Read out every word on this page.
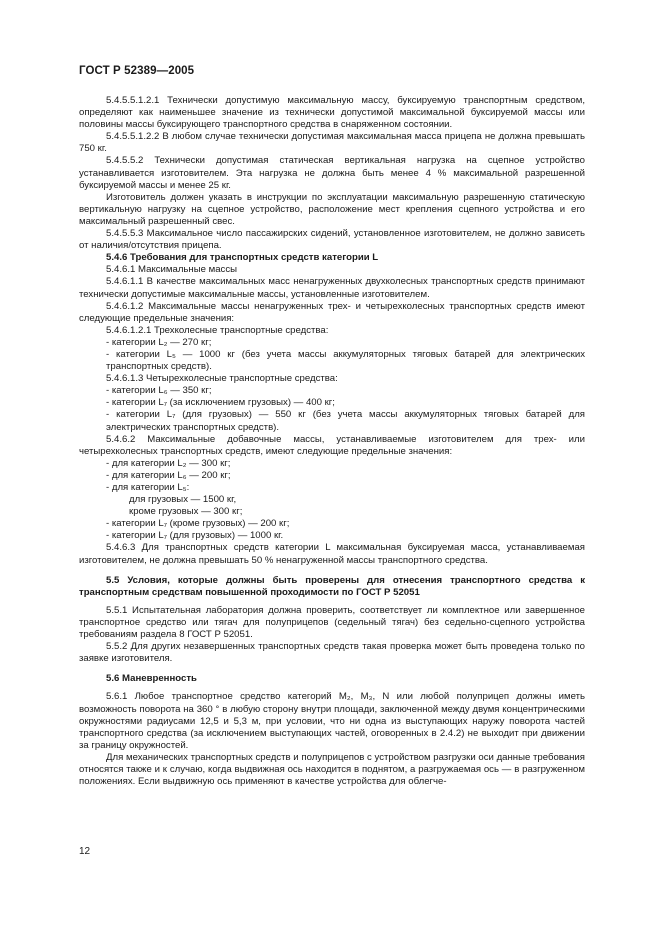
ГОСТ Р 52389—2005

5.4.5.5.1.2.1 Технически допустимую максимальную массу, буксируемую транспортным средством, определяют как наименьшее значение из технически допустимой максимальной буксируемой массы или половины массы буксирующего транспортного средства в снаряженном состоянии.

5.4.5.5.1.2.2 В любом случае технически допустимая максимальная масса прицепа не должна превышать 750 кг.

5.4.5.5.2 Технически допустимая статическая вертикальная нагрузка на сцепное устройство устанавливается изготовителем. Эта нагрузка не должна быть менее 4 % максимальной разрешенной буксируемой массы и менее 25 кг.

Изготовитель должен указать в инструкции по эксплуатации максимальную разрешенную статическую вертикальную нагрузку на сцепное устройство, расположение мест крепления сцепного устройства и его максимальный разрешенный свес.

5.4.5.5.3 Максимальное число пассажирских сидений, установленное изготовителем, не должно зависеть от наличия/отсутствия прицепа.

5.4.6 Требования для транспортных средств категории L

5.4.6.1 Максимальные массы

5.4.6.1.1 В качестве максимальных масс ненагруженных двухколесных транспортных средств принимают технически допустимые максимальные массы, установленные изготовителем.

5.4.6.1.2 Максимальные массы ненагруженных трех- и четырехколесных транспортных средств имеют следующие предельные значения:

5.4.6.1.2.1 Трехколесные транспортные средства:

- категории L₂ — 270 кг;

- категории L₅ — 1000 кг (без учета массы аккумуляторных тяговых батарей для электрических транспортных средств).

5.4.6.1.3 Четырехколесные транспортные средства:

- категории L₆ — 350 кг;

- категории L₇ (за исключением грузовых) — 400 кг;

- категории L₇ (для грузовых) — 550 кг (без учета массы аккумуляторных тяговых батарей для электрических транспортных средств).

5.4.6.2 Максимальные добавочные массы, устанавливаемые изготовителем для трех- или четырехколесных транспортных средств, имеют следующие предельные значения:

- для категории L₂ — 300 кг;

- для категории L₆ — 200 кг;

- для категории L₅:

для грузовых — 1500 кг,

кроме грузовых — 300 кг;

- категории L₇ (кроме грузовых) — 200 кг;

- категории L₇ (для грузовых) — 1000 кг.

5.4.6.3 Для транспортных средств категории L максимальная буксируемая масса, устанавливаемая изготовителем, не должна превышать 50 % ненагруженной массы транспортного средства.

5.5 Условия, которые должны быть проверены для отнесения транспортного средства к транспортным средствам повышенной проходимости по ГОСТ Р 52051

5.5.1 Испытательная лаборатория должна проверить, соответствует ли комплектное или завершенное транспортное средство или тягач для полуприцепов (седельный тягач) без седельно-сцепного устройства требованиям раздела 8 ГОСТ Р 52051.

5.5.2 Для других незавершенных транспортных средств такая проверка может быть проведена только по заявке изготовителя.

5.6 Маневренность

5.6.1 Любое транспортное средство категорий M₂, M₃, N или любой полуприцеп должны иметь возможность поворота на 360 ° в любую сторону внутри площади, заключенной между двумя концентрическими окружностями радиусами 12,5 и 5,3 м, при условии, что ни одна из выступающих наружу поворота частей транспортного средства (за исключением выступающих частей, оговоренных в 2.4.2) не выходит при движении за границу окружностей.

Для механических транспортных средств и полуприцепов с устройством разгрузки оси данные требования относятся также и к случаю, когда выдвижная ось находится в поднятом, а разгружаемая ось — в разгруженном положениях. Если выдвижную ось применяют в качестве устройства для облегче-

12
